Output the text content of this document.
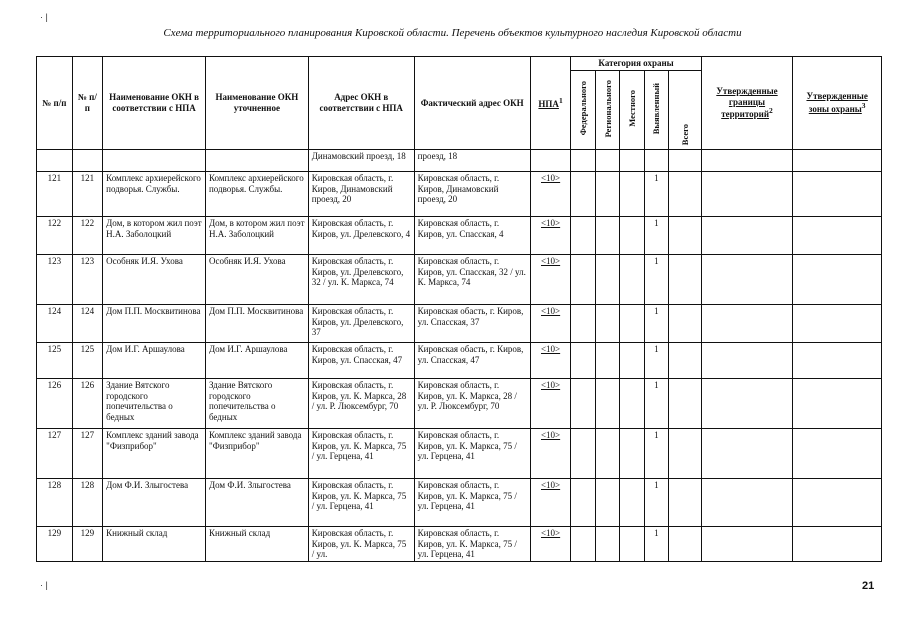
Схема территориального планирования Кировской области. Перечень объектов культурного наследия Кировской области
· |
· |
№ п/п	№ п/п	Наименование ОКН в соответствии с НПА	Наименование ОКН уточненное	Адрес ОКН в соответствии с НПА	Фактический адрес ОКН	НПА$^1$	Категория охраны					Утвержденные границы территорий$^2$	Утвержденные зоны охраны$^3$
							Федерального	Регионального	Местного	Выявленный	Всего		
				Динамовский проезд, 18	проезд, 18								
121	121	Комплекс архиерейского подворья. Службы.	Комплекс архиерейского подворья. Службы.	Кировская область, г. Киров, Динамовский проезд, 20	Кировская область, г. Киров, Динамовский проезд, 20	<10>				1			
122	122	Дом, в котором жил поэт Н.А. Заболоцкий	Дом, в котором жил поэт Н.А. Заболоцкий	Кировская область, г. Киров, ул. Дрелевского, 4	Кировская область, г. Киров, ул. Спасская, 4	<10>				1			
123	123	Особняк И.Я. Ухова	Особняк И.Я. Ухова	Кировская область, г. Киров, ул. Дрелевского, 32 / ул. К. Маркса, 74	Кировская область, г. Киров, ул. Спасская, 32 / ул. К. Маркса, 74	<10>				1			
124	124	Дом П.П. Москвитинова	Дом П.П. Москвитинова	Кировская область, г. Киров, ул. Дрелевского, 37	Кировская обасть, г. Киров, ул. Спасская, 37	<10>				1			
125	125	Дом И.Г. Аршаулова	Дом И.Г. Аршаулова	Кировская область, г. Киров, ул. Спасская, 47	Кировская обасть, г. Киров, ул. Спасская, 47	<10>				1			
126	126	Здание Вятского городского попечительства о бедных	Здание Вятского городского попечительства о бедных	Кировская область, г. Киров, ул. К. Маркса, 28 / ул. Р. Люксембург, 70	Кировская область, г. Киров, ул. К. Маркса, 28 / ул. Р. Люксембург, 70	<10>				1			
127	127	Комплекс зданий завода "Физприбор"	Комплекс зданий завода "Физприбор"	Кировская область, г. Киров, ул. К. Маркса, 75 / ул. Герцена, 41	Кировская область, г. Киров, ул. К. Маркса, 75 / ул. Герцена, 41	<10>				1			
128	128	Дом Ф.И. Злыгостева	Дом Ф.И. Злыгостева	Кировская область, г. Киров, ул. К. Маркса, 75 / ул. Герцена, 41	Кировская область, г. Киров, ул. К. Маркса, 75 / ул. Герцена, 41	<10>				1			
129	129	Книжный склад	Книжный склад	Кировская область, г. Киров, ул. К. Маркса, 75 / ул.	Кировская область, г. Киров, ул. К. Маркса, 75 / ул. Герцена, 41	<10>				1			
21
